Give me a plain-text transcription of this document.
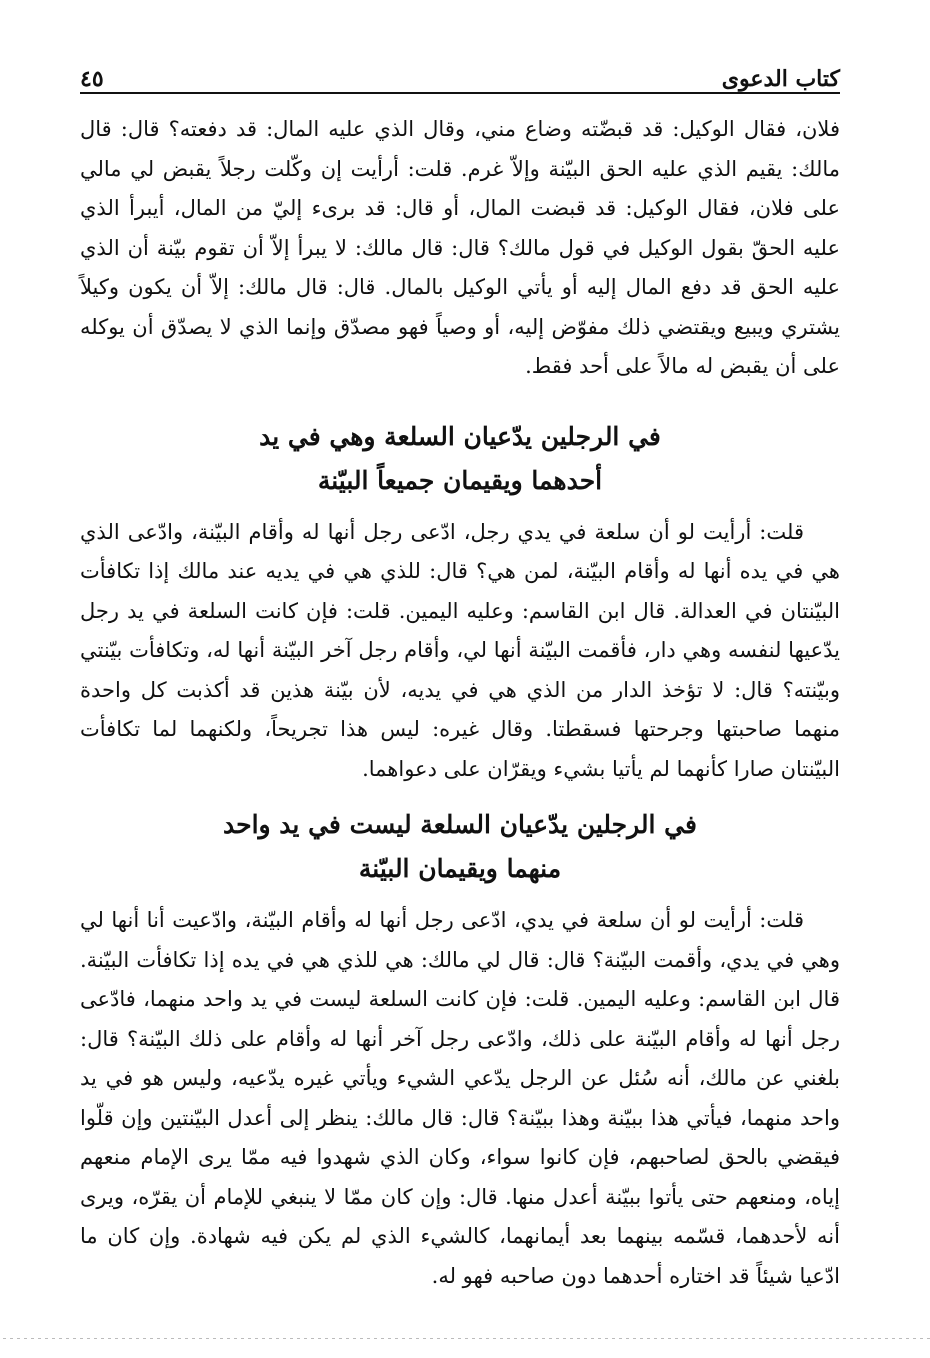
كتاب الدعوى
٤٥

فلان، فقال الوكيل: قد قبضّته وضاع مني، وقال الذي عليه المال: قد دفعته؟ قال: قال مالك: يقيم الذي عليه الحق البيّنة وإلاّ غرم. قلت: أرأيت إن وكّلت رجلاً يقبض لي مالي على فلان، فقال الوكيل: قد قبضت المال، أو قال: قد برىء إليّ من المال، أيبرأ الذي عليه الحقّ بقول الوكيل في قول مالك؟ قال: قال مالك: لا يبرأ إلاّ أن تقوم بيّنة أن الذي عليه الحق قد دفع المال إليه أو يأتي الوكيل بالمال. قال: قال مالك: إلاّ أن يكون وكيلاً يشتري ويبيع ويقتضي ذلك مفوّض إليه، أو وصياً فهو مصدّق وإنما الذي لا يصدّق أن يوكله على أن يقبض له مالاً على أحد فقط.

في الرجلين يدّعيان السلعة وهي في يد
أحدهما ويقيمان جميعاً البيّنة

قلت: أرأيت لو أن سلعة في يدي رجل، ادّعى رجل أنها له وأقام البيّنة، وادّعى الذي هي في يده أنها له وأقام البيّنة، لمن هي؟ قال: للذي هي في يديه عند مالك إذا تكافأت البيّنتان في العدالة. قال ابن القاسم: وعليه اليمين. قلت: فإن كانت السلعة في يد رجل يدّعيها لنفسه وهي دار، فأقمت البيّنة أنها لي، وأقام رجل آخر البيّنة أنها له، وتكافأت بيّنتي وبيّنته؟ قال: لا تؤخذ الدار من الذي هي في يديه، لأن بيّنة هذين قد أكذبت كل واحدة منهما صاحبتها وجرحتها فسقطتا. وقال غيره: ليس هذا تجريحاً، ولكنهما لما تكافأت البيّنتان صارا كأنهما لم يأتيا بشيء ويقرّان على دعواهما.

في الرجلين يدّعيان السلعة ليست في يد واحد
منهما ويقيمان البيّنة

قلت: أرأيت لو أن سلعة في يدي، ادّعى رجل أنها له وأقام البيّنة، وادّعيت أنا أنها لي وهي في يدي، وأقمت البيّنة؟ قال: قال لي مالك: هي للذي هي في يده إذا تكافأت البيّنة. قال ابن القاسم: وعليه اليمين. قلت: فإن كانت السلعة ليست في يد واحد منهما، فادّعى رجل أنها له وأقام البيّنة على ذلك، وادّعى رجل آخر أنها له وأقام على ذلك البيّنة؟ قال: بلغني عن مالك، أنه سُئل عن الرجل يدّعي الشيء ويأتي غيره يدّعيه، وليس هو في يد واحد منهما، فيأتي هذا ببيّنة وهذا ببيّنة؟ قال: قال مالك: ينظر إلى أعدل البيّنتين وإن قلّوا فيقضي بالحق لصاحبهم، فإن كانوا سواء، وكان الذي شهدوا فيه ممّا يرى الإمام منعهم إياه، ومنعهم حتى يأتوا ببيّنة أعدل منها. قال: وإن كان ممّا لا ينبغي للإمام أن يقرّه، ويرى أنه لأحدهما، قسّمه بينهما بعد أيمانهما، كالشيء الذي لم يكن فيه شهادة. وإن كان ما ادّعيا شيئاً قد اختاره أحدهما دون صاحبه فهو له.
